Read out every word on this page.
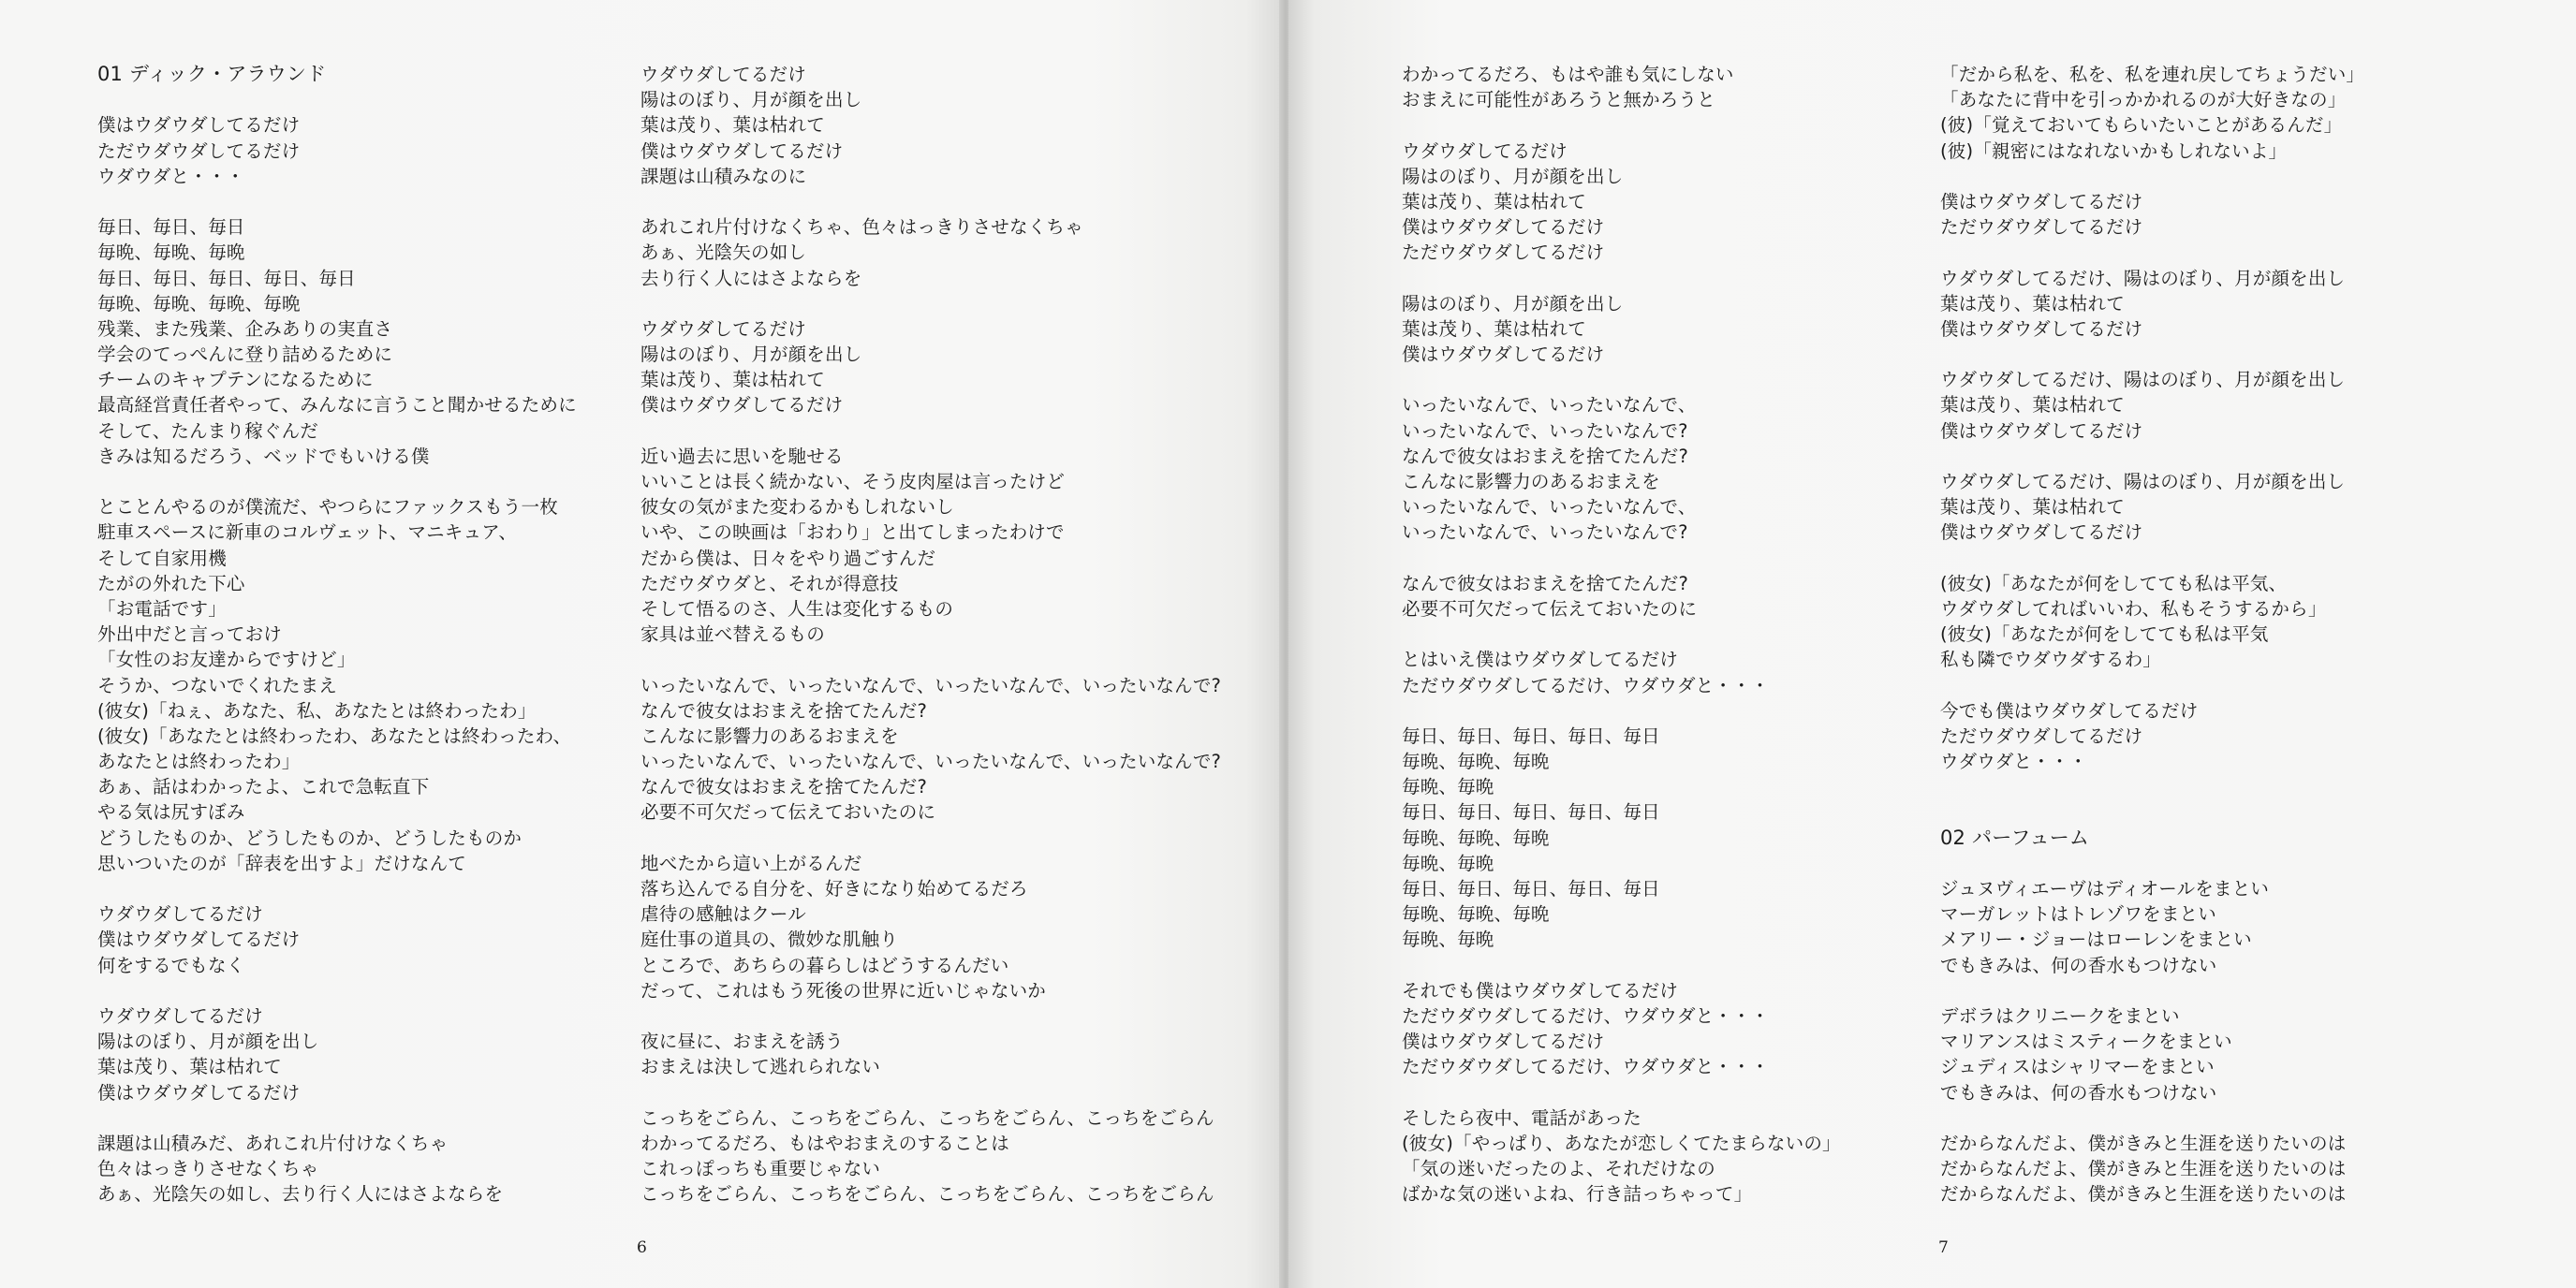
01 ディック・アラウンド
僕はウダウダしてるだけ
ただウダウダしてるだけ
ウダウダと・・・
毎日、毎日、毎日
毎晩、毎晩、毎晩
毎日、毎日、毎日、毎日、毎日
毎晩、毎晩、毎晩、毎晩
残業、また残業、企みありの実直さ
学会のてっぺんに登り詰めるために
チームのキャプテンになるために
最高経営責任者やって、みんなに言うこと聞かせるために
そして、たんまり稼ぐんだ
きみは知るだろう、ベッドでもいける僕
とことんやるのが僕流だ、やつらにファックスもう一枚
駐車スペースに新車のコルヴェット、マニキュア、
そして自家用機
たがの外れた下心
「お電話です」
外出中だと言っておけ
「女性のお友達からですけど」
そうか、つないでくれたまえ
(彼女)「ねぇ、あなた、私、あなたとは終わったわ」
(彼女)「あなたとは終わったわ、あなたとは終わったわ、
あなたとは終わったわ」
あぁ、話はわかったよ、これで急転直下
やる気は尻すぼみ
どうしたものか、どうしたものか、どうしたものか
思いついたのが「辞表を出すよ」だけなんて
ウダウダしてるだけ
僕はウダウダしてるだけ
何をするでもなく
ウダウダしてるだけ
陽はのぼり、月が顔を出し
葉は茂り、葉は枯れて
僕はウダウダしてるだけ
課題は山積みだ、あれこれ片付けなくちゃ
色々はっきりさせなくちゃ
あぁ、光陰矢の如し、去り行く人にはさよならを
ウダウダしてるだけ
陽はのぼり、月が顔を出し
葉は茂り、葉は枯れて
僕はウダウダしてるだけ
課題は山積みなのに
あれこれ片付けなくちゃ、色々はっきりさせなくちゃ
あぁ、光陰矢の如し
去り行く人にはさよならを
ウダウダしてるだけ
陽はのぼり、月が顔を出し
葉は茂り、葉は枯れて
僕はウダウダしてるだけ
近い過去に思いを馳せる
いいことは長く続かない、そう皮肉屋は言ったけど
彼女の気がまた変わるかもしれないし
いや、この映画は「おわり」と出てしまったわけで
だから僕は、日々をやり過ごすんだ
ただウダウダと、それが得意技
そして悟るのさ、人生は変化するもの
家具は並べ替えるもの
いったいなんで、いったいなんで、いったいなんで、いったいなんで?
なんで彼女はおまえを捨てたんだ?
こんなに影響力のあるおまえを
いったいなんで、いったいなんで、いったいなんで、いったいなんで?
なんで彼女はおまえを捨てたんだ?
必要不可欠だって伝えておいたのに
地べたから這い上がるんだ
落ち込んでる自分を、好きになり始めてるだろ
虐待の感触はクール
庭仕事の道具の、微妙な肌触り
ところで、あちらの暮らしはどうするんだい
だって、これはもう死後の世界に近いじゃないか
夜に昼に、おまえを誘う
おまえは決して逃れられない
こっちをごらん、こっちをごらん、こっちをごらん、こっちをごらん
わかってるだろ、もはやおまえのすることは
これっぽっちも重要じゃない
こっちをごらん、こっちをごらん、こっちをごらん、こっちをごらん
6
わかってるだろ、もはや誰も気にしない
おまえに可能性があろうと無かろうと
ウダウダしてるだけ
陽はのぼり、月が顔を出し
葉は茂り、葉は枯れて
僕はウダウダしてるだけ
ただウダウダしてるだけ
陽はのぼり、月が顔を出し
葉は茂り、葉は枯れて
僕はウダウダしてるだけ
いったいなんで、いったいなんで、
いったいなんで、いったいなんで?
なんで彼女はおまえを捨てたんだ?
こんなに影響力のあるおまえを
いったいなんで、いったいなんで、
いったいなんで、いったいなんで?
なんで彼女はおまえを捨てたんだ?
必要不可欠だって伝えておいたのに
とはいえ僕はウダウダしてるだけ
ただウダウダしてるだけ、ウダウダと・・・
毎日、毎日、毎日、毎日、毎日
毎晩、毎晩、毎晩
毎晩、毎晩
毎日、毎日、毎日、毎日、毎日
毎晩、毎晩、毎晩
毎晩、毎晩
毎日、毎日、毎日、毎日、毎日
毎晩、毎晩、毎晩
毎晩、毎晩
それでも僕はウダウダしてるだけ
ただウダウダしてるだけ、ウダウダと・・・
僕はウダウダしてるだけ
ただウダウダしてるだけ、ウダウダと・・・
そしたら夜中、電話があった
(彼女)「やっぱり、あなたが恋しくてたまらないの」
「気の迷いだったのよ、それだけなの
ばかな気の迷いよね、行き詰っちゃって」
「だから私を、私を、私を連れ戻してちょうだい」
「あなたに背中を引っかかれるのが大好きなの」
(彼)「覚えておいてもらいたいことがあるんだ」
(彼)「親密にはなれないかもしれないよ」
僕はウダウダしてるだけ
ただウダウダしてるだけ
ウダウダしてるだけ、陽はのぼり、月が顔を出し
葉は茂り、葉は枯れて
僕はウダウダしてるだけ
ウダウダしてるだけ、陽はのぼり、月が顔を出し
葉は茂り、葉は枯れて
僕はウダウダしてるだけ
ウダウダしてるだけ、陽はのぼり、月が顔を出し
葉は茂り、葉は枯れて
僕はウダウダしてるだけ
(彼女)「あなたが何をしてても私は平気、
ウダウダしてればいいわ、私もそうするから」
(彼女)「あなたが何をしてても私は平気
私も隣でウダウダするわ」
今でも僕はウダウダしてるだけ
ただウダウダしてるだけ
ウダウダと・・・
02 パーフューム
ジュヌヴィエーヴはディオールをまとい
マーガレットはトレゾワをまとい
メアリー・ジョーはローレンをまとい
でもきみは、何の香水もつけない
デボラはクリニークをまとい
マリアンスはミスティークをまとい
ジュディスはシャリマーをまとい
でもきみは、何の香水もつけない
だからなんだよ、僕がきみと生涯を送りたいのは
だからなんだよ、僕がきみと生涯を送りたいのは
だからなんだよ、僕がきみと生涯を送りたいのは
7
